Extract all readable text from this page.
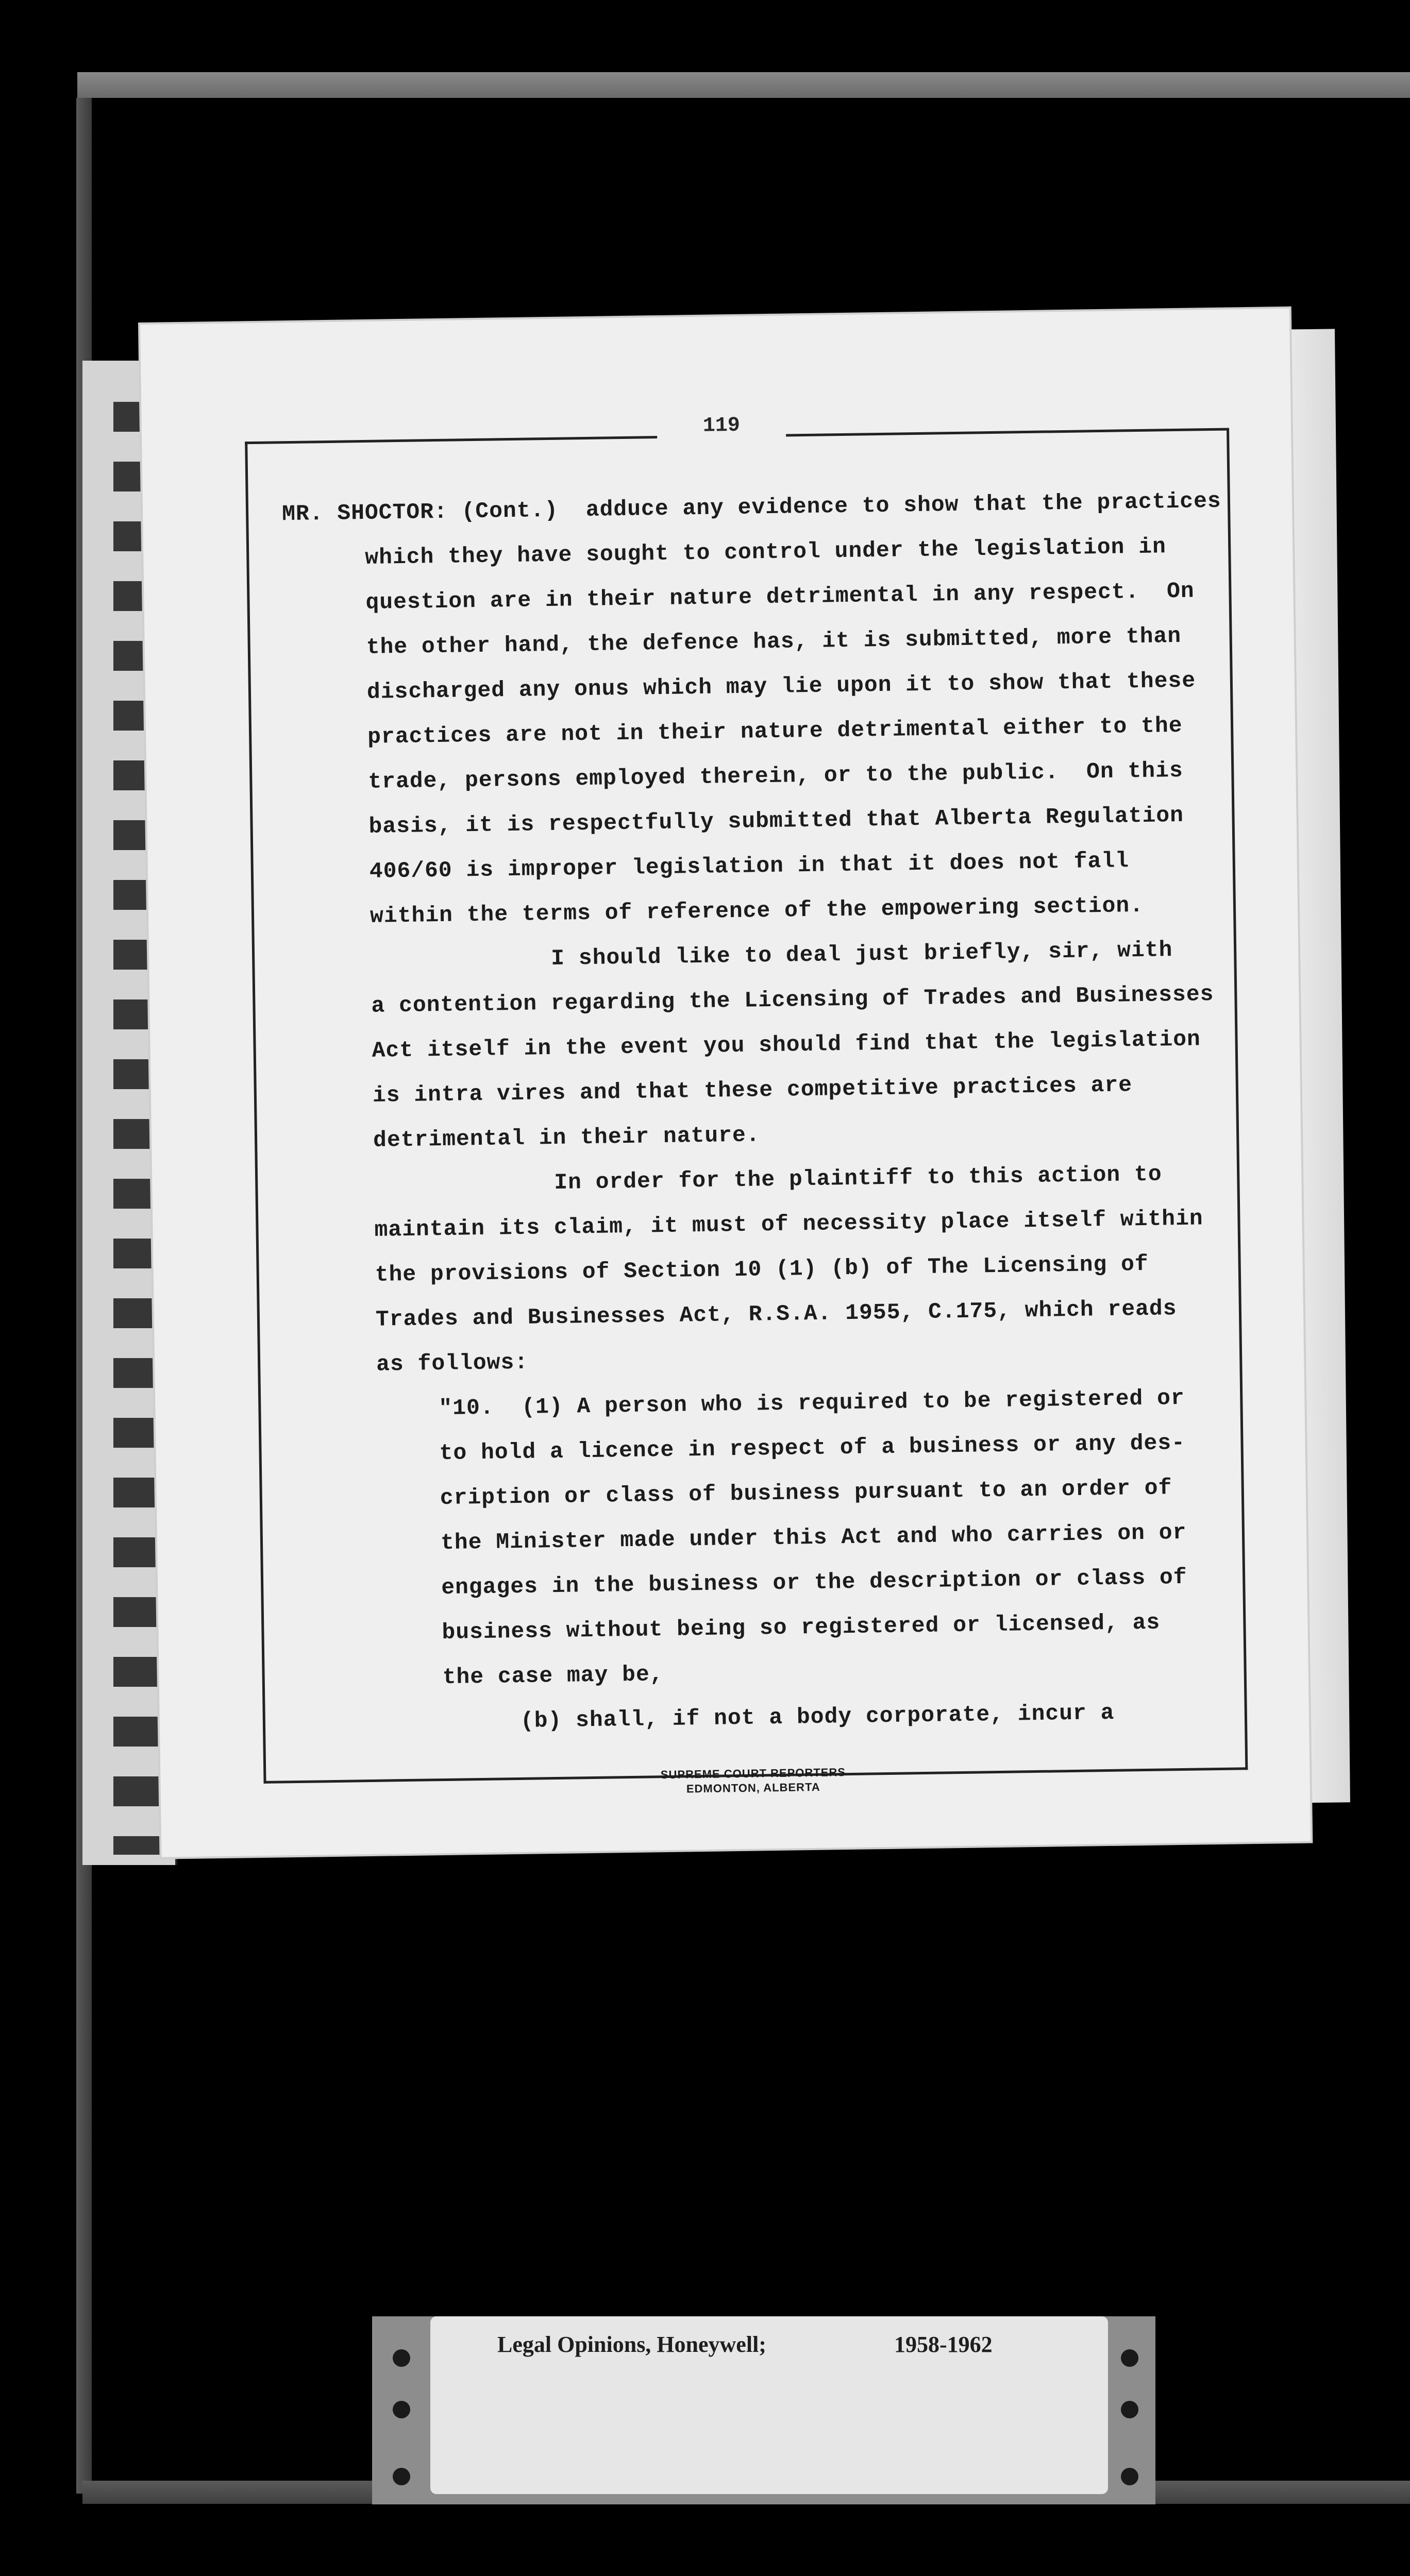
119
MR. SHOCTOR: (Cont.)  adduce any evidence to show that the practices
which they have sought to control under the legislation in
question are in their nature detrimental in any respect.  On
the other hand, the defence has, it is submitted, more than
discharged any onus which may lie upon it to show that these
practices are not in their nature detrimental either to the
trade, persons employed therein, or to the public.  On this
basis, it is respectfully submitted that Alberta Regulation
406/60 is improper legislation in that it does not fall
within the terms of reference of the empowering section.
I should like to deal just briefly, sir, with
a contention regarding the Licensing of Trades and Businesses
Act itself in the event you should find that the legislation
is intra vires and that these competitive practices are
detrimental in their nature.
In order for the plaintiff to this action to
maintain its claim, it must of necessity place itself within
the provisions of Section 10 (1) (b) of The Licensing of
Trades and Businesses Act, R.S.A. 1955, C.175, which reads
as follows:
"10.  (1) A person who is required to be registered or
to hold a licence in respect of a business or any des-
cription or class of business pursuant to an order of
the Minister made under this Act and who carries on or
engages in the business or the description or class of
business without being so registered or licensed, as
the case may be,
(b) shall, if not a body corporate, incur a
SUPREME COURT REPORTERS
EDMONTON, ALBERTA
Legal Opinions, Honeywell;	1958-1962
